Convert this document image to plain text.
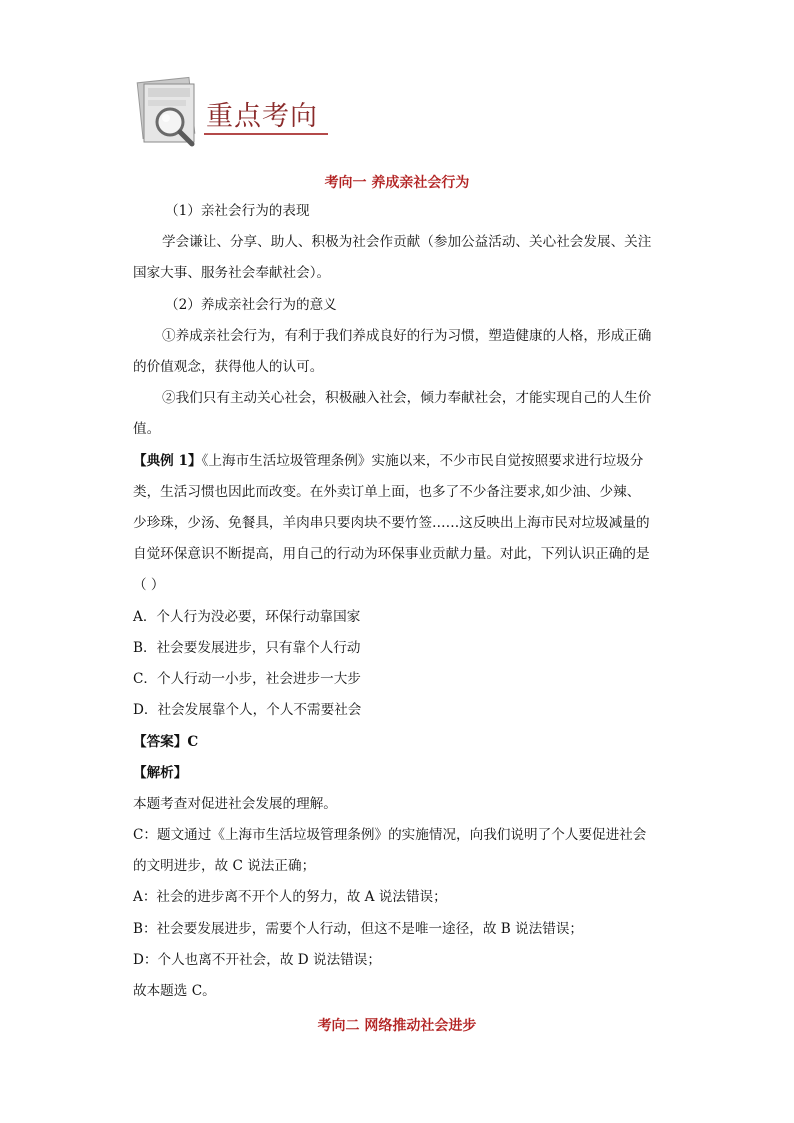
重点考向
考向一 养成亲社会行为
（1）亲社会行为的表现
学会谦让、分享、助人、积极为社会作贡献（参加公益活动、关心社会发展、关注
国家大事、服务社会奉献社会）。
（2）养成亲社会行为的意义
①养成亲社会行为，有利于我们养成良好的行为习惯，塑造健康的人格，形成正确
的价值观念，获得他人的认可。
②我们只有主动关心社会，积极融入社会，倾力奉献社会，才能实现自己的人生价
值。
【典例 1】《上海市生活垃圾管理条例》实施以来，不少市民自觉按照要求进行垃圾分
类，生活习惯也因此而改变。在外卖订单上面，也多了不少备注要求,如少油、少辣、
少珍珠，少汤、免餐具，羊肉串只要肉块不要竹签……这反映出上海市民对垃圾减量的
自觉环保意识不断提高，用自己的行动为环保事业贡献力量。对此，下列认识正确的是
（ ）
A．个人行为没必要，环保行动靠国家
B．社会要发展进步，只有靠个人行动
C．个人行动一小步，社会进步一大步
D．社会发展靠个人，个人不需要社会
【答案】C
【解析】
本题考查对促进社会发展的理解。
C：题文通过《上海市生活垃圾管理条例》的实施情况，向我们说明了个人要促进社会
的文明进步，故 C 说法正确；
A：社会的进步离不开个人的努力，故 A 说法错误；
B：社会要发展进步，需要个人行动，但这不是唯一途径，故 B 说法错误；
D：个人也离不开社会，故 D 说法错误；
故本题选 C。
考向二 网络推动社会进步
